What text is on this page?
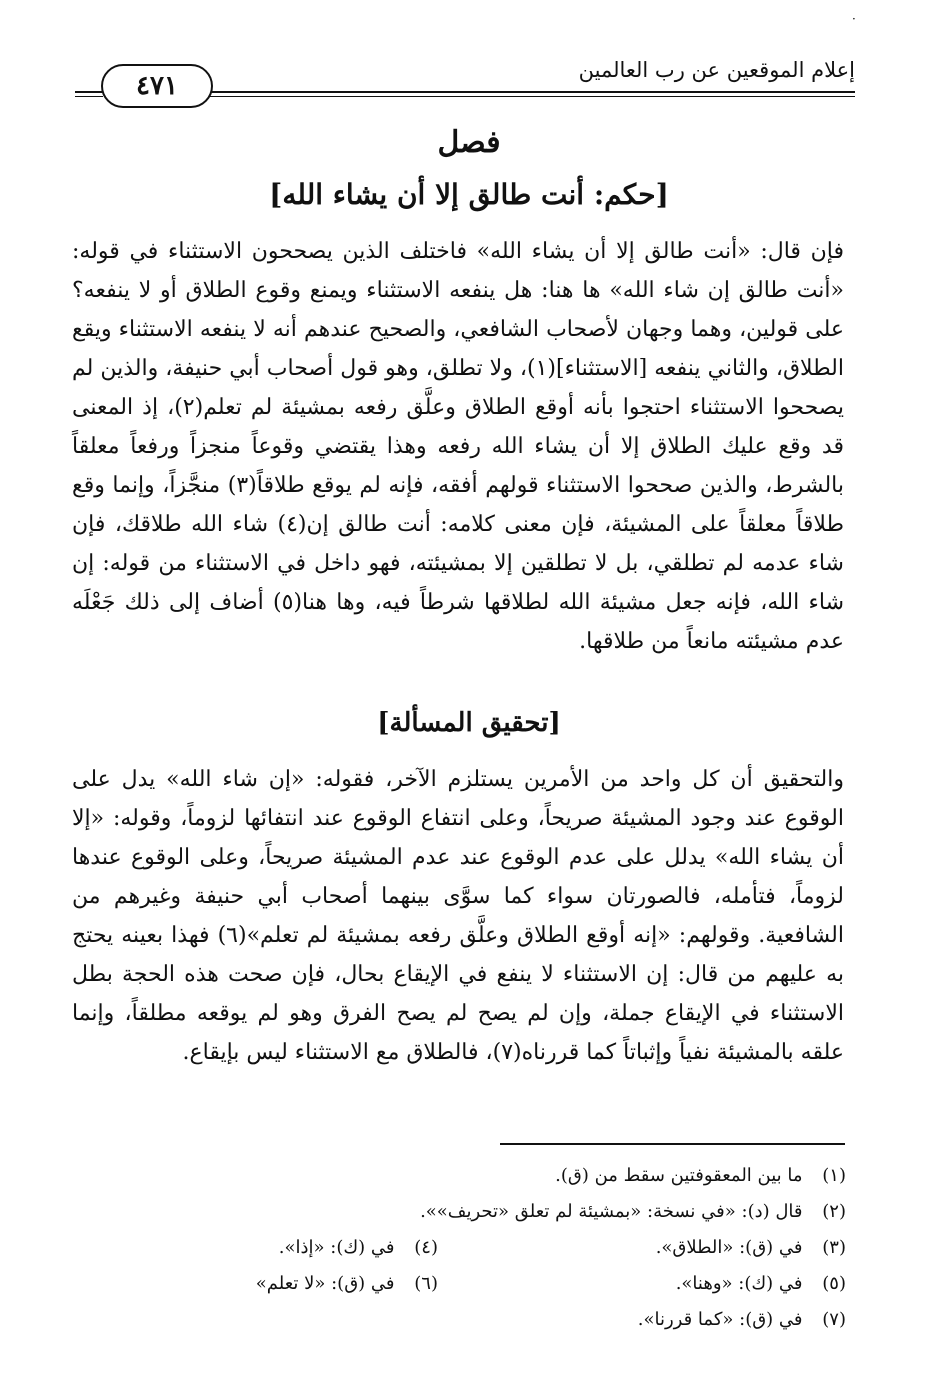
·
٤٧١
إعلام الموقعين عن رب العالمين
فصل
[حكم: أنت طالق إلا أن يشاء الله]
فإن قال: «أنت طالق إلا أن يشاء الله» فاختلف الذين يصححون الاستثناء في قوله: «أنت طالق إن شاء الله» ها هنا: هل ينفعه الاستثناء ويمنع وقوع الطلاق أو لا ينفعه؟ على قولين، وهما وجهان لأصحاب الشافعي، والصحيح عندهم أنه لا ينفعه الاستثناء ويقع الطلاق، والثاني ينفعه [الاستثناء](١)، ولا تطلق، وهو قول أصحاب أبي حنيفة، والذين لم يصححوا الاستثناء احتجوا بأنه أوقع الطلاق وعلَّق رفعه بمشيئة لم تعلم(٢)، إذ المعنى قد وقع عليك الطلاق إلا أن يشاء الله رفعه وهذا يقتضي وقوعاً منجزاً ورفعاً معلقاً بالشرط، والذين صححوا الاستثناء قولهم أفقه، فإنه لم يوقع طلاقاً(٣) منجَّزاً، وإنما وقع طلاقاً معلقاً على المشيئة، فإن معنى كلامه: أنت طالق إن(٤) شاء الله طلاقك، فإن شاء عدمه لم تطلقي، بل لا تطلقين إلا بمشيئته، فهو داخل في الاستثناء من قوله: إن شاء الله، فإنه جعل مشيئة الله لطلاقها شرطاً فيه، وها هنا(٥) أضاف إلى ذلك جَعْلَه عدم مشيئته مانعاً من طلاقها.
[تحقيق المسألة]
والتحقيق أن كل واحد من الأمرين يستلزم الآخر، فقوله: «إن شاء الله» يدل على الوقوع عند وجود المشيئة صريحاً، وعلى انتفاع الوقوع عند انتفائها لزوماً، وقوله: «إلا أن يشاء الله» يدلل على عدم الوقوع عند عدم المشيئة صريحاً، وعلى الوقوع عندها لزوماً، فتأمله، فالصورتان سواء كما سوَّى بينهما أصحاب أبي حنيفة وغيرهم من الشافعية. وقولهم: «إنه أوقع الطلاق وعلَّق رفعه بمشيئة لم تعلم»(٦) فهذا بعينه يحتج به عليهم من قال: إن الاستثناء لا ينفع في الإيقاع بحال، فإن صحت هذه الحجة بطل الاستثناء في الإيقاع جملة، وإن لم يصح لم يصح الفرق وهو لم يوقعه مطلقاً، وإنما علقه بالمشيئة نفياً وإثباتاً كما قررناه(٧)، فالطلاق مع الاستثناء ليس بإيقاع.
(١) ما بين المعقوفتين سقط من (ق).
(٢) قال (د): «في نسخة: «بمشيئة لم تعلق «تحريف»».
(٣) في (ق): «الطلاق».
(٤) في (ك): «إذا».
(٥) في (ك): «وهنا».
(٦) في (ق): «لا تعلم»
(٧) في (ق): «كما قررنا».
